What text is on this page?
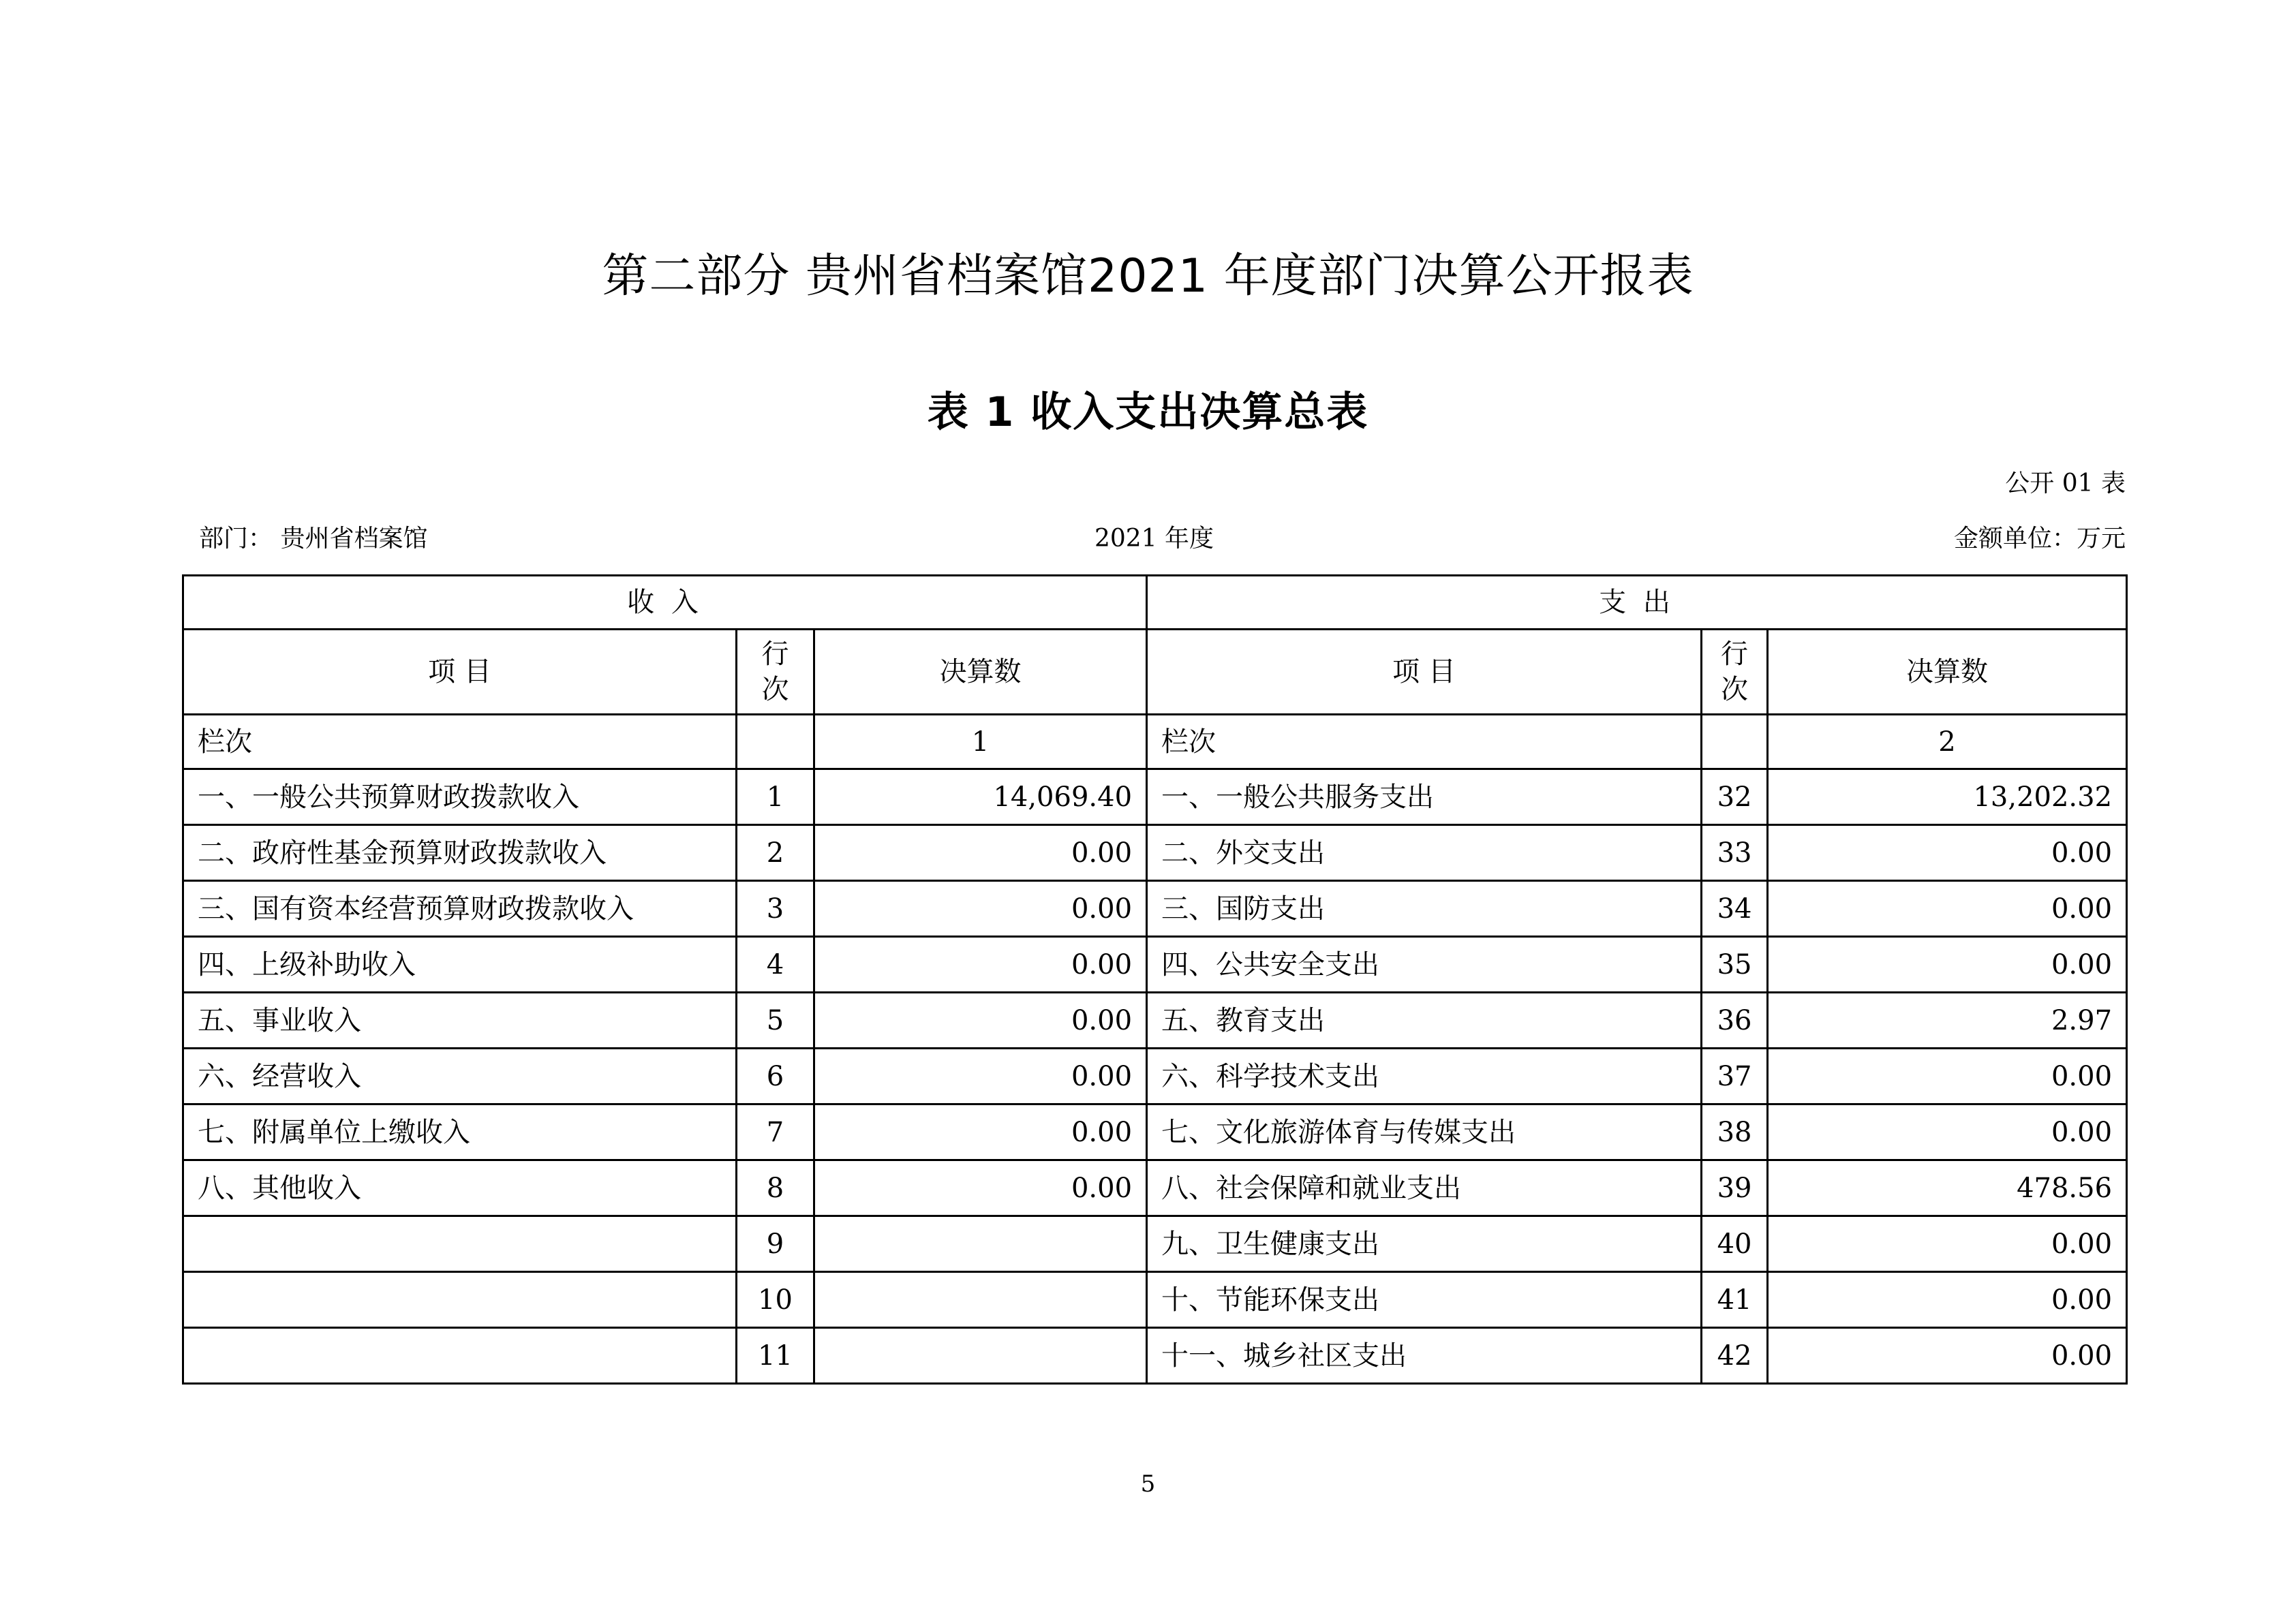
第二部分 贵州省档案馆2021 年度部门决算公开报表
表 1 收入支出决算总表
公开 01 表
部门： 贵州省档案馆	2021 年度	金额单位：万元
收 入			支 出		
项 目	行次	决算数	项 目	行次	决算数
栏次		1	栏次		2
一、一般公共预算财政拨款收入	1	14,069.40	一、一般公共服务支出	32	13,202.32
二、政府性基金预算财政拨款收入	2	0.00	二、外交支出	33	0.00
三、国有资本经营预算财政拨款收入	3	0.00	三、国防支出	34	0.00
四、上级补助收入	4	0.00	四、公共安全支出	35	0.00
五、事业收入	5	0.00	五、教育支出	36	2.97
六、经营收入	6	0.00	六、科学技术支出	37	0.00
七、附属单位上缴收入	7	0.00	七、文化旅游体育与传媒支出	38	0.00
八、其他收入	8	0.00	八、社会保障和就业支出	39	478.56
	9		九、卫生健康支出	40	0.00
	10		十、节能环保支出	41	0.00
	11		十一、城乡社区支出	42	0.00
5
